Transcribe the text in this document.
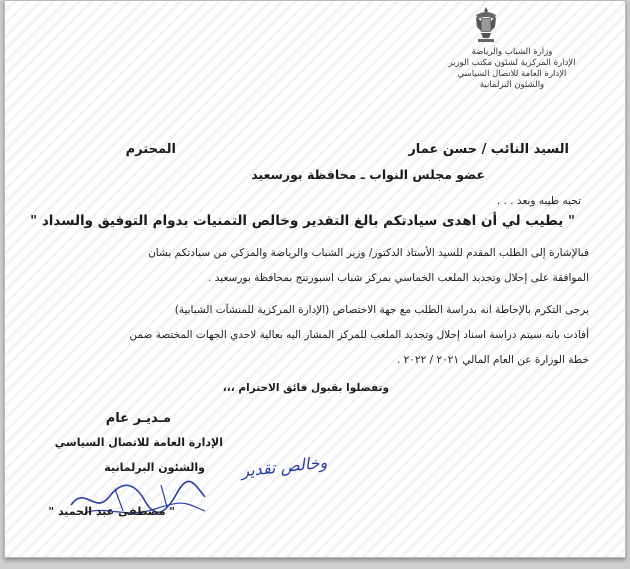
وزارة الشباب والرياضة
الإدارة المركزية لشئون مكتب الوزير
الإدارة العامة للاتصال السياسي
والشئون البرلمانية
السيد النائب / حسن عمار
المحترم
عضو مجلس النواب ـ محافظة بورسعيد
تحيه طيبه وبعد . . .
" يطيب لي أن اهدى سيادتكم بالغ التقدير وخالص التمنيات بدوام التوفيق والسداد "
فبالإشارة إلى الطلب المقدم للسيد الأستاذ الدكتور/ وزير الشباب والرياضة والمزكي من سيادتكم بشان
الموافقة على إحلال وتجديد الملعب الخماسي بمركز شباب اسبورتنج بمحافظة بورسعيد .
يرجى التكرم بالإحاطة انه بدراسة الطلب مع جهة الاختصاص (الإدارة المركزية للمنشآت الشبابية)
أفادت بانه سيتم دراسة اسناد إحلال وتجديد الملعب للمركز المشار اليه بعالية لاحدي الجهات المختصة ضمن
خطة الوزارة عن العام المالي ٢٠٢١ / ٢٠٢٢ .
وتفضلوا بقبول فائق الاحترام ،،،
مـديـر عام
الإدارة العامة للاتصال السياسي
والشئون البرلمانية وخالص تقدير
" مصطفى عبد الحميد "
